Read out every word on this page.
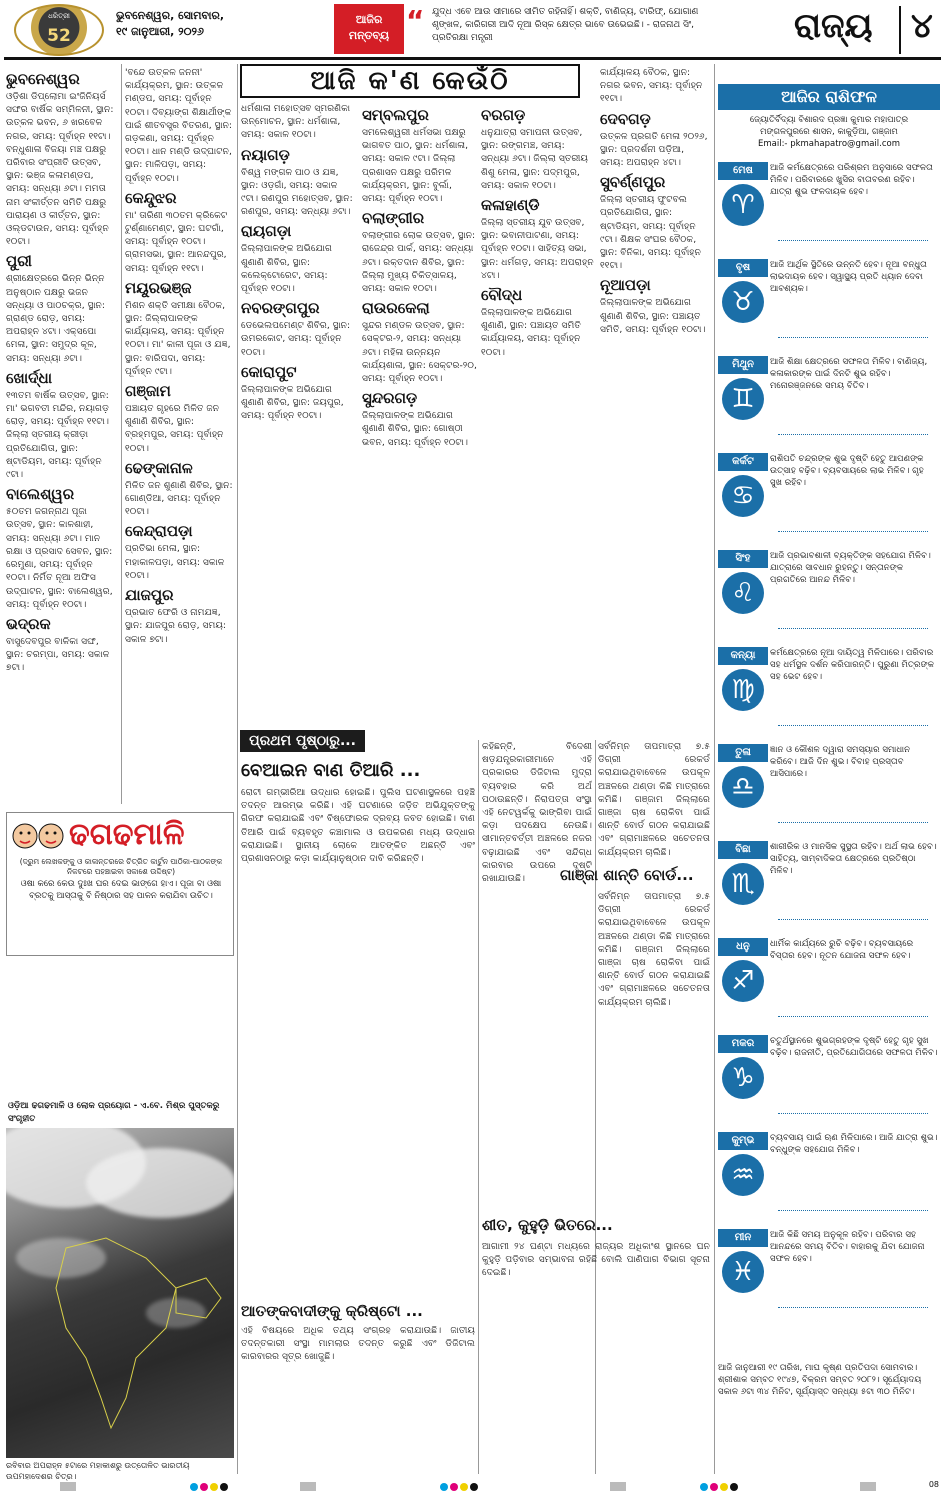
ଧରିତ୍ରୀ
52
ଭୁବନେଶ୍ୱର, ସୋମବାର,
୧୯ ଜାନୁଆରୀ, ୨୦୨୬
ଆଜିର
ମନ୍ତବ୍ୟ “ ଯୁଦ୍ଧ ଏବେ ଆଉ ସୀମାରେ ସୀମିତ ରହିନାହିଁ। ଶକ୍ତି, ବାଣିଜ୍ୟ, ଟାରିଫ୍, ଯୋଗାଣ ଶୃଙ୍ଖଳ, କାରିଗରୀ ଆଦି ନୂଆ ରିସ୍କ କ୍ଷେତ୍ର ଭାବେ ଉଭେଇଛି। - ରାଜନାଥ ସିଂ, ପ୍ରତିରକ୍ଷା ମନ୍ତ୍ରୀ	ରାଜ୍ୟ	୪
ଆଜି କ'ଣ କେଉଁଠି
ଭୁବନେଶ୍ୱର

ଓଡ଼ିଶା ଡିପ୍ଲୋମା ଇଂଜିନିୟର୍ସ ସଙ୍ଘର ବାର୍ଷିକ ସମ୍ମିଳନୀ, ସ୍ଥାନ: ଉତ୍କଳ ଭବନ, ୬ ଖରବେଳ ନଗର, ସମୟ: ପୂର୍ବାହ୍ନ ୧୧ଟା। ବନ୍ଧୁଶାଳା ବିଜୟା ମଞ୍ଚ ପକ୍ଷରୁ ପରିବାର ସଂପ୍ରୀତି ଉତ୍ସବ, ସ୍ଥାନ: ଭଞ୍ଜ କଳାମଣ୍ଡପ, ସମୟ: ସନ୍ଧ୍ୟା ୬ଟା। ମମତା ନାମ ସଂକୀର୍ତ୍ତନ ସମିତି ପକ୍ଷରୁ ପାରାୟଣ ଓ କୀର୍ତ୍ତନ, ସ୍ଥାନ: ଓଲ୍ଡଟାଉନ, ସମୟ: ପୂର୍ବାହ୍ନ ୧୦ଟା।

ପୁରୀ

ଶ୍ରୀକ୍ଷେତ୍ରରେ ଭିନ୍ନ ଭିନ୍ନ ଅନୁଷ୍ଠାନ ପକ୍ଷରୁ ଭଜନ ସନ୍ଧ୍ୟା ଓ ପାଠଚକ୍ର, ସ୍ଥାନ: ଗ୍ରାଣ୍ଡ ରୋଡ଼, ସମୟ: ଅପରାହ୍ନ ୪ଟା। ଏକ୍ସପୋ ମେଳା, ସ୍ଥାନ: ସମୁଦ୍ର କୂଳ, ସମୟ: ସନ୍ଧ୍ୟା ୬ଟା।

ଖୋର୍ଦ୍ଧା

୧୩ତମ ବାର୍ଷିକ ଉତ୍ସବ, ସ୍ଥାନ: ମା' ଭଗବତୀ ମନ୍ଦିର, ନୟାଗଡ଼ ରୋଡ଼, ସମୟ: ପୂର୍ବାହ୍ନ ୧୧ଟା। ଜିଲ୍ଲା ସ୍ତରୀୟ କ୍ରୀଡ଼ା ପ୍ରତିଯୋଗିତା, ସ୍ଥାନ: ଷ୍ଟାଡିୟମ, ସମୟ: ପୂର୍ବାହ୍ନ ୯ଟା।

ବାଲେଶ୍ୱର

୫୦ତମ ଜଗନ୍ନାଥ ପୂଜା ଉତ୍ସବ, ସ୍ଥାନ: କାଳଶାହୀ, ସମୟ: ସନ୍ଧ୍ୟା ୬ଟା। ମାନ ରକ୍ଷା ଓ ପ୍ରସାଦ ସେବନ, ସ୍ଥାନ: ରେମୁଣା, ସମୟ: ପୂର୍ବାହ୍ନ ୧୦ଟା। ନିର୍ମିତ ନୂଆ ଅଫିସ ଉଦ୍‌ଘାଟନ, ସ୍ଥାନ: ବାଲେଶ୍ୱର, ସମୟ: ପୂର୍ବାହ୍ନ ୧୦ଟା।

ଭଦ୍ରକ

ବାସୁଦେବପୁର ବାଳିକା ସଙ୍ଘ, ସ୍ଥାନ: ଚରମ୍ପା, ସମୟ: ସକାଳ ୭ଟା।

'ବନ୍ଦେ ଉତ୍କଳ ଜନନୀ' କାର୍ଯ୍ୟକ୍ରମ, ସ୍ଥାନ: ଉତ୍କଳ ମଣ୍ଡପ, ସମୟ: ପୂର୍ବାହ୍ନ ୧୦ଟା। ଦିବ୍ୟାଙ୍ଗ ଶିକ୍ଷାର୍ଥୀଙ୍କ ପାଇଁ ଶୀତବସ୍ତ୍ର ବିତରଣ, ସ୍ଥାନ: ଗଡ଼କଣା, ସମୟ: ପୂର୍ବାହ୍ନ ୧୦ଟା। ଧାନ ମଣ୍ଡି ଉଦ୍‌ଘାଟନ, ସ୍ଥାନ: ମାଳିପଡ଼ା, ସମୟ: ପୂର୍ବାହ୍ନ ୧୦ଟା।

କେନ୍ଦୁଝର

ମା' ତାରିଣୀ ୩୦ତମ କ୍ରିକେଟ ଟୁର୍ଣ୍ଣାମେଣ୍ଟ, ସ୍ଥାନ: ଘଟଗାଁ, ସମୟ: ପୂର୍ବାହ୍ନ ୧୦ଟା। ଗ୍ରାମସଭା, ସ୍ଥାନ: ଆନନ୍ଦପୁର, ସମୟ: ପୂର୍ବାହ୍ନ ୧୧ଟା।

ମୟୂରଭଞ୍ଜ

ମିଶନ ଶକ୍ତି ସମୀକ୍ଷା ବୈଠକ, ସ୍ଥାନ: ଜିଲ୍ଲାପାଳଙ୍କ କାର୍ଯ୍ୟାଳୟ, ସମୟ: ପୂର୍ବାହ୍ନ ୧୦ଟା। ମା' କାଳୀ ପୂଜା ଓ ଯଜ୍ଞ, ସ୍ଥାନ: ବାରିପଦା, ସମୟ: ପୂର୍ବାହ୍ନ ୯ଟା।

ଗଞ୍ଜାମ

ପଞ୍ଚାୟତ ଗୃହରେ ମିଳିତ ଜନ ଶୁଣାଣି ଶିବିର, ସ୍ଥାନ: ବ୍ରହ୍ମପୁର, ସମୟ: ପୂର୍ବାହ୍ନ ୧୦ଟା।

ଢେଙ୍କାନାଳ

ମିଳିତ ଜନ ଶୁଣାଣି ଶିବିର, ସ୍ଥାନ: ଗୋଣ୍ଡିଆ, ସମୟ: ପୂର୍ବାହ୍ନ ୧୦ଟା।

କେନ୍ଦ୍ରାପଡ଼ା

ପ୍ରତିଭା ମେଳା, ସ୍ଥାନ: ମହାକାଳପଡ଼ା, ସମୟ: ସକାଳ ୧୦ଟା।

ଯାଜପୁର

ପ୍ରଭାତ ଫେରି ଓ ନାମଯଜ୍ଞ, ସ୍ଥାନ: ଯାଜପୁର ରୋଡ଼, ସମୟ: ସକାଳ ୭ଟା।

ଧର୍ମଶାଳା ମହୋତ୍ସବ ସ୍ମରଣିକା ଉନ୍ମୋଚନ, ସ୍ଥାନ: ଧର୍ମଶାଳା, ସମୟ: ସକାଳ ୧୦ଟା।

ନୟାଗଡ଼

ବିଶ୍ୱ ମଙ୍ଗଳ ପାଠ ଓ ଯଜ୍ଞ, ସ୍ଥାନ: ଓଡ଼ଗାଁ, ସମୟ: ସକାଳ ୯ଟା। ରଣପୁର ମହୋତ୍ସବ, ସ୍ଥାନ: ରଣପୁର, ସମୟ: ସନ୍ଧ୍ୟା ୬ଟା।

ରାୟଗଡ଼ା

ଜିଲ୍ଲାପାଳଙ୍କ ଅଭିଯୋଗ ଶୁଣାଣି ଶିବିର, ସ୍ଥାନ: କଲେକ୍ଟୋରେଟ, ସମୟ: ପୂର୍ବାହ୍ନ ୧୦ଟା।

ନବରଙ୍ଗପୁର

ଡେଭେଲପମେଣ୍ଟ ଶିବିର, ସ୍ଥାନ: ଉମରକୋଟ, ସମୟ: ପୂର୍ବାହ୍ନ ୧୦ଟା।

କୋରାପୁଟ

ଜିଲ୍ଲାପାଳଙ୍କ ଅଭିଯୋଗ ଶୁଣାଣି ଶିବିର, ସ୍ଥାନ: ଜୟପୁର, ସମୟ: ପୂର୍ବାହ୍ନ ୧୦ଟା।

ସମ୍ବଲପୁର

ସମଲେଶ୍ୱରୀ ଧର୍ମସଭା ପକ୍ଷରୁ ଭାଗବତ ପାଠ, ସ୍ଥାନ: ଧର୍ମଶାଳା, ସମୟ: ସକାଳ ୯ଟା। ଜିଲ୍ଲା ପ୍ରଶାସନ ପକ୍ଷରୁ ପରିମଳ କାର୍ଯ୍ୟକ୍ରମ, ସ୍ଥାନ: ବୁର୍ଲା, ସମୟ: ପୂର୍ବାହ୍ନ ୧୦ଟା।

ବଲାଙ୍ଗୀର

ବଲାଙ୍ଗୀର ଲୋକ ଉତ୍ସବ, ସ୍ଥାନ: ରାଜେନ୍ଦ୍ର ପାର୍କ, ସମୟ: ସନ୍ଧ୍ୟା ୬ଟା। ରକ୍ତଦାନ ଶିବିର, ସ୍ଥାନ: ଜିଲ୍ଲା ମୁଖ୍ୟ ଚିକିତ୍ସାଳୟ, ସମୟ: ସକାଳ ୧୦ଟା।

ରାଉରକେଲା

ସୁନ୍ଦର ମଣ୍ଡଳ ଉତ୍ସବ, ସ୍ଥାନ: ସେକ୍ଟର-୨, ସମୟ: ସନ୍ଧ୍ୟା ୬ଟା। ମହିଳା ଉନ୍ନୟନ କାର୍ଯ୍ୟଶାଳା, ସ୍ଥାନ: ସେକ୍ଟର-୨୦, ସମୟ: ପୂର୍ବାହ୍ନ ୧୦ଟା।

ସୁନ୍ଦରଗଡ଼

ଜିଲ୍ଲାପାଳଙ୍କ ଅଭିଯୋଗ ଶୁଣାଣି ଶିବିର, ସ୍ଥାନ: ଗୋଷ୍ଠୀ ଭବନ, ସମୟ: ପୂର୍ବାହ୍ନ ୧୦ଟା।

ବରଗଡ଼

ଧନୁଯାତ୍ରା ସମାପନୀ ଉତ୍ସବ, ସ୍ଥାନ: ରଙ୍ଗମଞ୍ଚ, ସମୟ: ସନ୍ଧ୍ୟା ୬ଟା। ଜିଲ୍ଲା ସ୍ତରୀୟ ଶିଶୁ ମେଳା, ସ୍ଥାନ: ପଦ୍ମପୁର, ସମୟ: ସକାଳ ୧୦ଟା।

କଳାହାଣ୍ଡି

ଜିଲ୍ଲା ସ୍ତରୀୟ ଯୁବ ଉତ୍ସବ, ସ୍ଥାନ: ଭବାନୀପାଟଣା, ସମୟ: ପୂର୍ବାହ୍ନ ୧୦ଟା। ସାହିତ୍ୟ ସଭା, ସ୍ଥାନ: ଧର୍ମଗଡ଼, ସମୟ: ଅପରାହ୍ନ ୪ଟା।

ବୌଦ୍ଧ

ଜିଲ୍ଲାପାଳଙ୍କ ଅଭିଯୋଗ ଶୁଣାଣି, ସ୍ଥାନ: ପଞ୍ଚାୟତ ସମିତି କାର୍ଯ୍ୟାଳୟ, ସମୟ: ପୂର୍ବାହ୍ନ ୧୦ଟା।

କାର୍ଯ୍ୟାଳୟ ବୈଠକ, ସ୍ଥାନ: ନଗର ଭବନ, ସମୟ: ପୂର୍ବାହ୍ନ ୧୧ଟା।

ଦେବଗଡ଼

ଉତ୍କଳ ପ୍ରଗତି ମେଳା ୨୦୨୬, ସ୍ଥାନ: ପ୍ରଦର୍ଶନୀ ପଡ଼ିଆ, ସମୟ: ଅପରାହ୍ନ ୪ଟା।

ସୁବର୍ଣ୍ଣପୁର

ଜିଲ୍ଲା ସ୍ତରୀୟ ଫୁଟବଲ ପ୍ରତିଯୋଗିତା, ସ୍ଥାନ: ଷ୍ଟାଡିୟମ, ସମୟ: ପୂର୍ବାହ୍ନ ୯ଟା। ଶିକ୍ଷକ ସଂଘର ବୈଠକ, ସ୍ଥାନ: ବିନିକା, ସମୟ: ପୂର୍ବାହ୍ନ ୧୧ଟା।

ନୂଆପଡ଼ା

ଜିଲ୍ଲାପାଳଙ୍କ ଅଭିଯୋଗ ଶୁଣାଣି ଶିବିର, ସ୍ଥାନ: ପଞ୍ଚାୟତ ସମିତି, ସମୟ: ପୂର୍ବାହ୍ନ ୧୦ଟା।

ଢଗଢମାଳି
(ଦ୍ରୁମ ଲେଖକଙ୍କୁ ଓ କାଳାନ୍ତରରେ ଚିତ୍ରିତ କାର୍ଟୁନ ପାଠିକା-ପାଠକଙ୍କ ନିକଟରେ ପହଞ୍ଚାଇବା ସକାଶେ ଉଦ୍ଦିଷ୍ଟ)
ଓଷା କରେ କେଉ ଦୁଃଖ ଘର ଦେଇ ଭାଙ୍ଗେ ହାଏ। ପୂଜା ବା ଓଷା ବ୍ରତକୁ ଆସ୍ତାକୁ ବି ନିଷ୍ଠାର ସହ ପାଳନ କରାଯିବା ଉଚିତ।
ଓଡ଼ିଆ ଢଗଢମାଳି ଓ ଲୋକ ପ୍ରୟୋଗ - ଏ.ବେ. ମିଶ୍ର ପୁସ୍ତକରୁ ସଂଗୃହୀତ
ରବିବାର ଅପରାହ୍ନ ୫ଟାରେ ମହାକାଶରୁ ଉତ୍ତୋଳିତ ଭାରତୀୟ ଉପମହାଦେଶର ଚିତ୍ର।
ପ୍ରଥମ ପୃଷ୍ଠାରୁ...
ବେଆଇନ ବାଣ ତିଆରି ...
ରୋଟୀ ଗମ୍ଭୀରିଆ ଉଦ୍ଧାର ହୋଇଛି। ପୁଲିସ ଘଟଣାସ୍ଥଳରେ ପହଞ୍ଚି ତଦନ୍ତ ଆରମ୍ଭ କରିଛି। ଏହି ଘଟଣାରେ ଜଡ଼ିତ ଅଭିଯୁକ୍ତଙ୍କୁ ଗିରଫ କରାଯାଇଛି ଏବଂ ବିଷ୍ଫୋରକ ଦ୍ରବ୍ୟ ଜବତ ହୋଇଛି। ବାଣ ତିଆରି ପାଇଁ ବ୍ୟବହୃତ କଞ୍ଚାମାଲ ଓ ଉପକରଣ ମଧ୍ୟ ଉଦ୍ଧାର କରାଯାଇଛି। ସ୍ଥାନୀୟ ଲୋକେ ଆତଙ୍କିତ ଅଛନ୍ତି ଏବଂ ପ୍ରଶାସନଠାରୁ କଡ଼ା କାର୍ଯ୍ୟାନୁଷ୍ଠାନ ଦାବି କରିଛନ୍ତି।
ଆତଙ୍କବାଦୀଙ୍କୁ କ୍ରିଷ୍ଟୋ ...
ଏହି ବିଷୟରେ ଅଧିକ ତଥ୍ୟ ସଂଗ୍ରହ କରାଯାଉଛି। ଜାତୀୟ ତଦନ୍ତକାରୀ ସଂସ୍ଥା ମାମଲାର ତଦନ୍ତ କରୁଛି ଏବଂ ଡିଜିଟାଲ କାରବାରର ସୂତ୍ର ଖୋଜୁଛି।
କହିଛନ୍ତି, ବିଦେଶୀ ଷଡ଼ଯନ୍ତ୍ରକାରୀମାନେ ଏହି ପ୍ରକାରର ଡିଜିଟାଲ ମୁଦ୍ରା ବ୍ୟବହାର କରି ଅର୍ଥ ପଠାଉଛନ୍ତି। ନିରାପତ୍ତା ସଂସ୍ଥା ଏହି ନେଟୱର୍କକୁ ଭାଙ୍ଗିବା ପାଇଁ କଡ଼ା ପଦକ୍ଷେପ ନେଉଛି। ସୀମାନ୍ତବର୍ତ୍ତୀ ଅଞ୍ଚଳରେ ନଜର ବଢ଼ାଯାଇଛି ଏବଂ ସନ୍ଦିଗ୍ଧ କାରବାର ଉପରେ ଦୃଷ୍ଟି ରଖାଯାଉଛି।
ସର୍ବନିମ୍ନ ତାପମାତ୍ରା ୭.୫ ଡିଗ୍ରୀ ରେକର୍ଡ କରାଯାଇଥିବାବେଳେ ଉପକୂଳ ଅଞ୍ଚଳରେ ଥଣ୍ଡା କିଛି ମାତ୍ରାରେ କମିଛି। ଗଞ୍ଜାମ ଜିଲ୍ଲାରେ ଗାଞ୍ଜା ଚାଷ ରୋକିବା ପାଇଁ ଶାନ୍ତି ବୋର୍ଡ ଗଠନ କରାଯାଇଛି ଏବଂ ଗ୍ରାମାଞ୍ଚଳରେ ସଚେତନତା କାର୍ଯ୍ୟକ୍ରମ ଚାଲିଛି।
ଗାଞ୍ଜା ଶାନ୍ତି ବୋର୍ଡ...
ସର୍ବନିମ୍ନ ତାପମାତ୍ରା ୭.୫ ଡିଗ୍ରୀ ରେକର୍ଡ କରାଯାଇଥିବାବେଳେ ଉପକୂଳ ଅଞ୍ଚଳରେ ଥଣ୍ଡା କିଛି ମାତ୍ରାରେ କମିଛି। ଗଞ୍ଜାମ ଜିଲ୍ଲାରେ ଗାଞ୍ଜା ଚାଷ ରୋକିବା ପାଇଁ ଶାନ୍ତି ବୋର୍ଡ ଗଠନ କରାଯାଇଛି ଏବଂ ଗ୍ରାମାଞ୍ଚଳରେ ସଚେତନତା କାର୍ଯ୍ୟକ୍ରମ ଚାଲିଛି।
ଶୀତ, କୁହୁଡ଼ି ଭିତରେ...
ଆଗାମୀ ୨୪ ଘଣ୍ଟା ମଧ୍ୟରେ ରାଜ୍ୟର ଅଧିକାଂଶ ସ୍ଥାନରେ ଘନ କୁହୁଡ଼ି ପଡ଼ିବାର ସମ୍ଭାବନା ରହିଛି ବୋଲି ପାଣିପାଗ ବିଭାଗ ସୂଚନା ଦେଇଛି।
ଆଜିର ରାଶିଫଳ
ଜ୍ୟୋତିର୍ବିଦ୍ୟା ବିଶାରଦ ପ୍ରଜ୍ଞା କୁମାର ମହାପାତ୍ର
ମଙ୍ଗଳପୁରରେ ଶାସନ, କାକୁଡ଼ିଆ, ଗଞ୍ଜାମ
Email:- pkmahapatro@gmail.com
ମେଷ
♈
ଆଜି କର୍ମକ୍ଷେତ୍ରରେ ପରିଶ୍ରମ ଅନୁସାରେ ସଫଳତା ମିଳିବ। ପରିବାରରେ ଖୁସିର ବାତାବରଣ ରହିବ। ଯାତ୍ରା ଶୁଭ ଫଳଦାୟକ ହେବ।
ବୃଷ
♉
ଆଜି ଆର୍ଥିକ ସ୍ଥିତିରେ ଉନ୍ନତି ହେବ। ନୂଆ ବନ୍ଧୁତା ଲାଭଦାୟକ ହେବ। ସ୍ୱାସ୍ଥ୍ୟ ପ୍ରତି ଧ୍ୟାନ ଦେବା ଆବଶ୍ୟକ।
ମିଥୁନ
♊
ଆଜି ଶିକ୍ଷା କ୍ଷେତ୍ରରେ ସଫଳତା ମିଳିବ। ବାଣିଜ୍ୟ, କଳାକାରଙ୍କ ପାଇଁ ଦିନଟି ଶୁଭ ରହିବ। ମନୋରଞ୍ଜନରେ ସମୟ ବିତିବ।
କର୍କଟ
♋
ରାଶିପତି ଚନ୍ଦ୍ରଙ୍କ ଶୁଭ ଦୃଷ୍ଟି ହେତୁ ଆପଣଙ୍କ ଉତ୍ସାହ ବଢ଼ିବ। ବ୍ୟବସାୟରେ ଲାଭ ମିଳିବ। ଗୃହ ସୁଖ ରହିବ।
ସିଂହ
♌
ଆଜି ପ୍ରଭାବଶାଳୀ ବ୍ୟକ୍ତିଙ୍କ ସହଯୋଗ ମିଳିବ। ଯାତ୍ରାରେ ସାବଧାନ ରୁହନ୍ତୁ। ସନ୍ତାନଙ୍କ ପ୍ରଗତିରେ ଆନନ୍ଦ ମିଳିବ।
କନ୍ୟା
♍
କର୍ମକ୍ଷେତ୍ରରେ ନୂଆ ଦାୟିତ୍ୱ ମିଳିପାରେ। ପରିବାର ସହ ଧର୍ମସ୍ଥଳ ଦର୍ଶନ କରିପାରନ୍ତି। ପୁରୁଣା ମିତ୍ରଙ୍କ ସହ ଭେଟ ହେବ।
ତୁଳା
♎
ଜ୍ଞାନ ଓ କୌଶଳ ଦ୍ୱାରା ସମସ୍ୟାର ସମାଧାନ କରିବେ। ଆଜି ଦିନ ଶୁଭ। ବିବାହ ପ୍ରସ୍ତାବ ଆସିପାରେ।
ବିଛା
♏
ଶାରୀରିକ ଓ ମାନସିକ ସୁସ୍ଥତା ରହିବ। ଅର୍ଥ ଲାଭ ହେବ। ସାହିତ୍ୟ, ସାମ୍ବାଦିକତା କ୍ଷେତ୍ରରେ ପ୍ରତିଷ୍ଠା ମିଳିବ।
ଧନୁ
♐
ଧାର୍ମିକ କାର୍ଯ୍ୟରେ ରୁଚି ବଢ଼ିବ। ବ୍ୟବସାୟରେ ବିସ୍ତାର ହେବ। ନୂତନ ଯୋଜନା ସଫଳ ହେବ।
ମକର
♑
ଚତୁର୍ଥସ୍ଥାନରେ ଶୁଭଗ୍ରହଙ୍କ ଦୃଷ୍ଟି ହେତୁ ଗୃହ ସୁଖ ବଢ଼ିବ। ରାଜନୀତି, ପ୍ରତିଯୋଗିତାରେ ସଫଳତା ମିଳିବ।
କୁମ୍ଭ
♒
ବ୍ୟବସାୟ ପାଇଁ ଋଣ ମିଳିପାରେ। ଆଜି ଯାତ୍ରା ଶୁଭ। ବନ୍ଧୁଙ୍କ ସହଯୋଗ ମିଳିବ।
ମୀନ
♓
ଆଜି କିଛି ସମୟ ଅନୁକୂଳ ରହିବ। ପରିବାର ସହ ଆନନ୍ଦରେ ସମୟ ବିତିବ। ବାହାରକୁ ଯିବା ଯୋଜନା ସଫଳ ହେବ।
ଆଜି ଜାନୁଆରୀ ୧୯ ତାରିଖ, ମାଘ କୃଷ୍ଣ ପ୍ରତିପଦା ସୋମବାର। ଶ୍ରୀଶାକ ସମ୍ବତ ୧୯୪୭, ବିକ୍ରମ ସମ୍ବତ ୨୦୮୨। ସୂର୍ଯ୍ୟୋଦୟ ସକାଳ ୬ଟା ୩୪ ମିନିଟ, ସୂର୍ଯ୍ୟାସ୍ତ ସନ୍ଧ୍ୟା ୫ଟା ୩୦ ମିନିଟ।
08
